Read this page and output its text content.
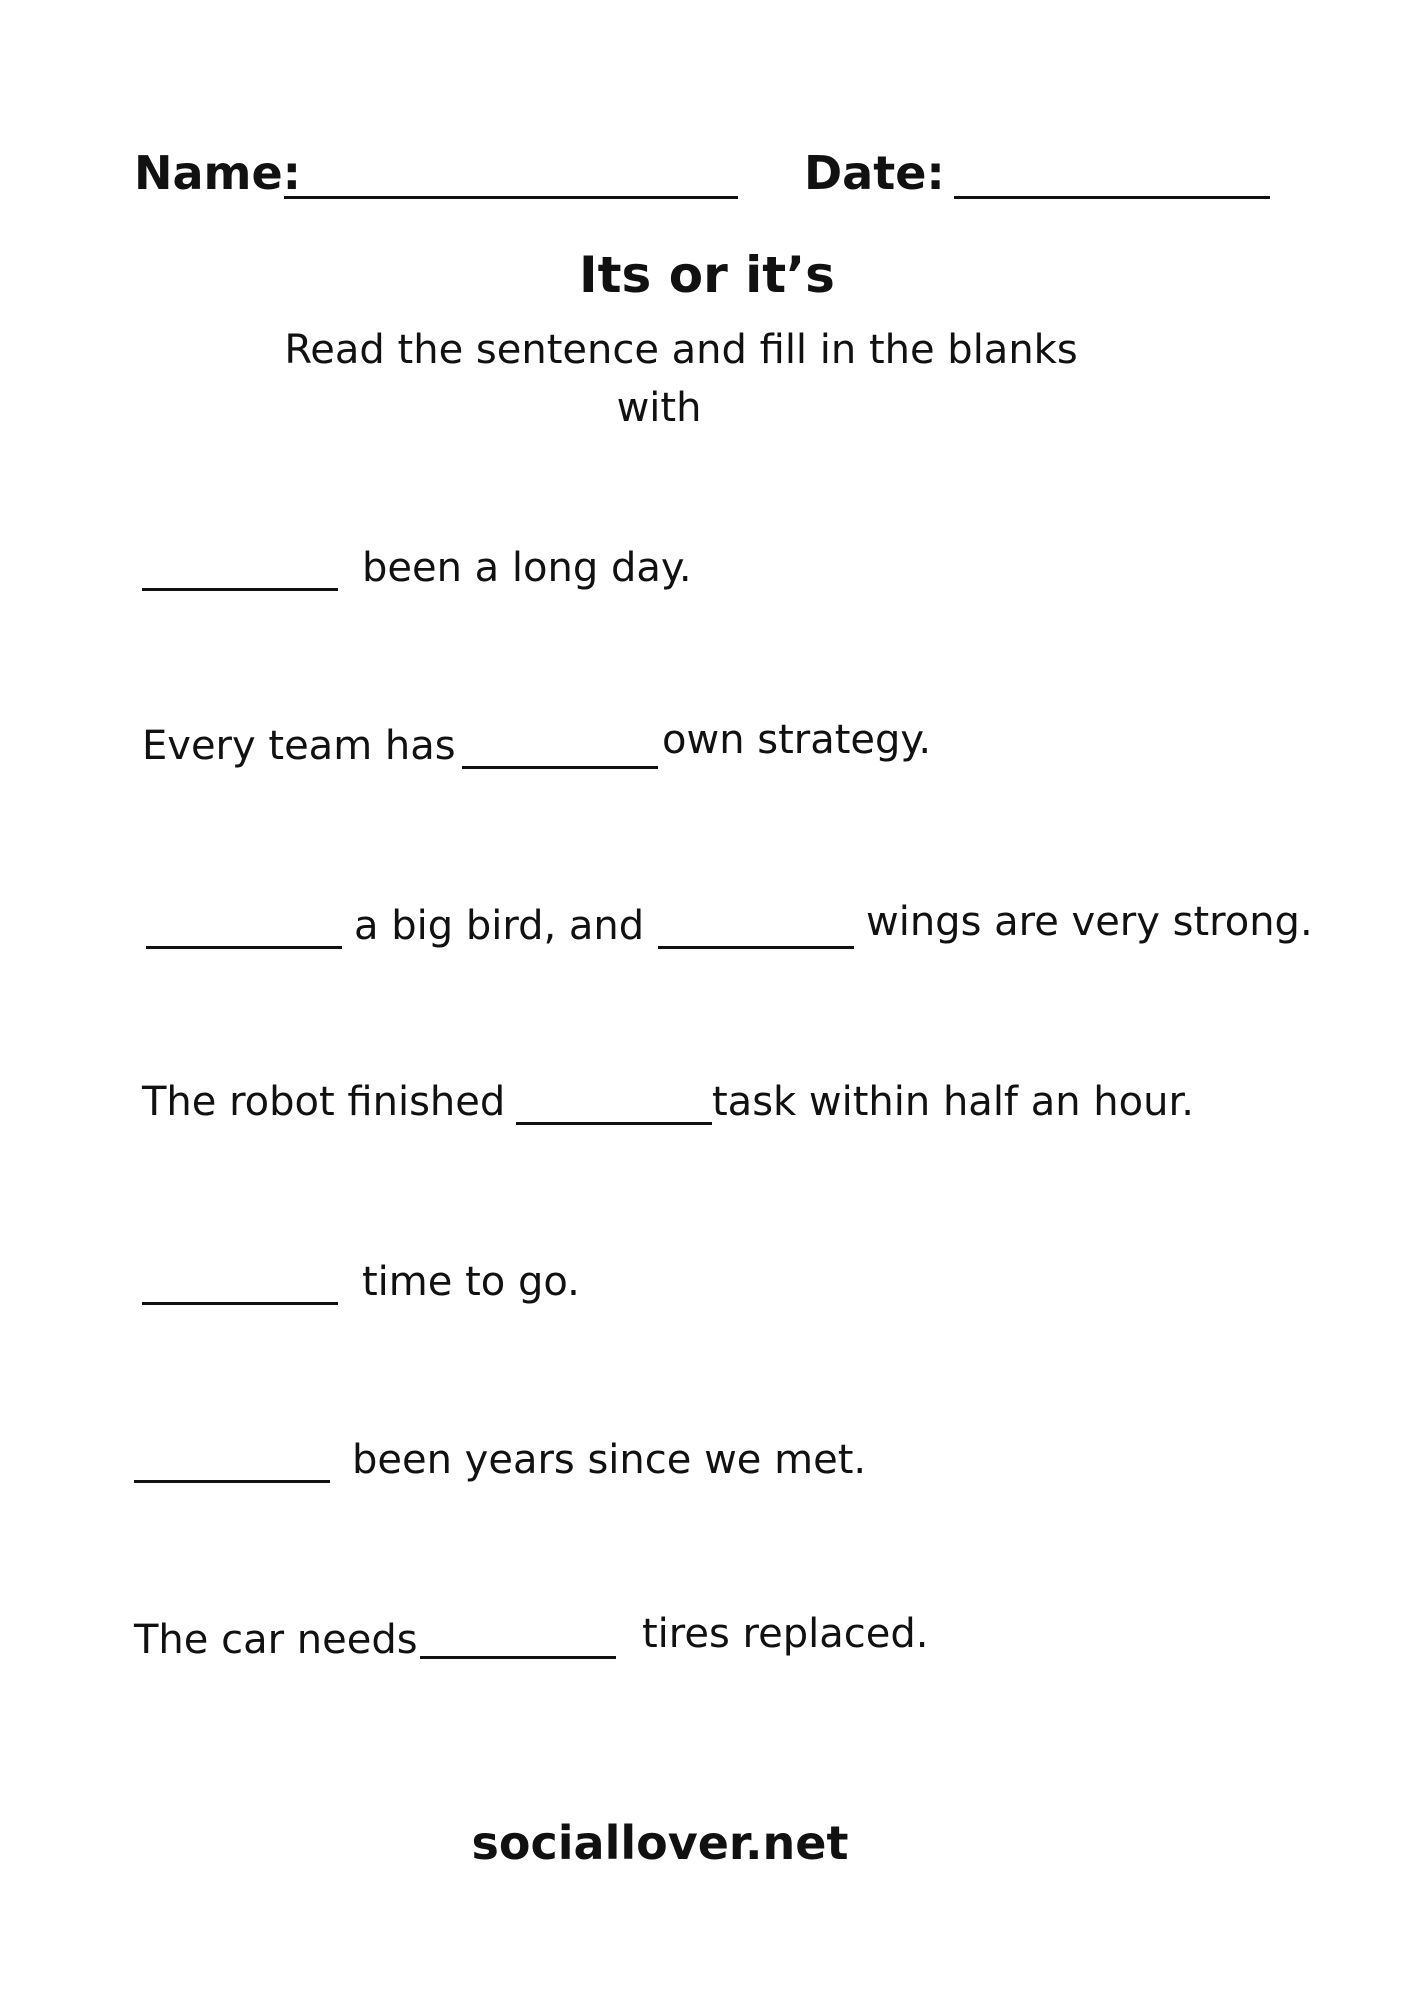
Name:	Date:
Its or it’s
Read the sentence and fill in the blanks
with
been a long day.
Every team has	own strategy.
a big bird, and	wings are very strong.
The robot finished	task within half an hour.
time to go.
been years since we met.
The car needs	tires replaced.
sociallover.net
